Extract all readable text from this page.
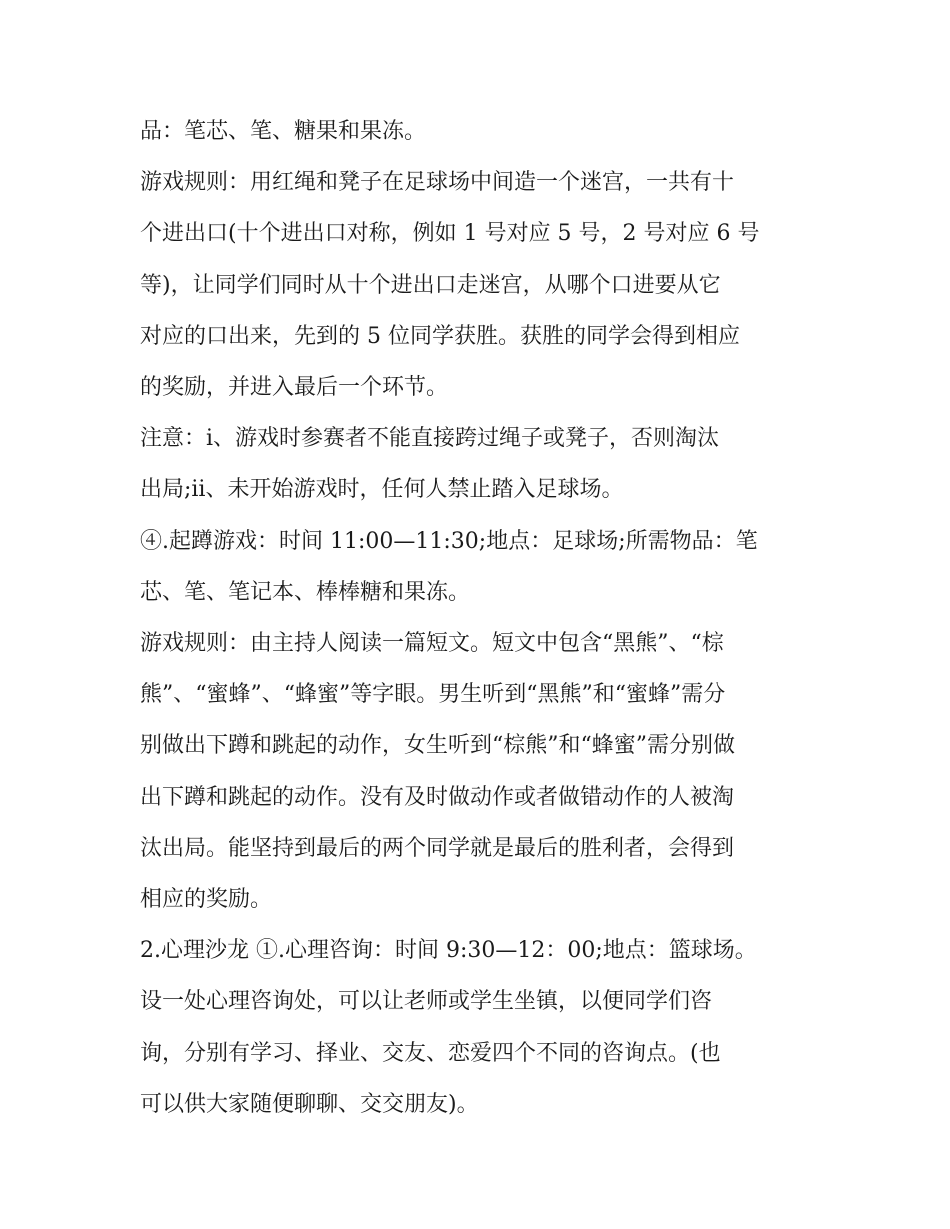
品：笔芯、笔、糖果和果冻。

游戏规则：用红绳和凳子在足球场中间造一个迷宫，一共有十

个进出口(十个进出口对称，例如 1 号对应 5 号，2 号对应 6 号

等)，让同学们同时从十个进出口走迷宫，从哪个口进要从它

对应的口出来，先到的 5 位同学获胜。获胜的同学会得到相应

的奖励，并进入最后一个环节。

注意：ⅰ、游戏时参赛者不能直接跨过绳子或凳子，否则淘汰

出局;ⅱ、未开始游戏时，任何人禁止踏入足球场。

④.起蹲游戏：时间 11:00—11:30;地点：足球场;所需物品：笔

芯、笔、笔记本、棒棒糖和果冻。

游戏规则：由主持人阅读一篇短文。短文中包含“黑熊”、“棕

熊”、“蜜蜂”、“蜂蜜”等字眼。男生听到“黑熊”和“蜜蜂”需分

别做出下蹲和跳起的动作，女生听到“棕熊”和“蜂蜜”需分别做

出下蹲和跳起的动作。没有及时做动作或者做错动作的人被淘

汰出局。能坚持到最后的两个同学就是最后的胜利者，会得到

相应的奖励。

2.心理沙龙 ①.心理咨询：时间 9:30—12：00;地点：篮球场。

设一处心理咨询处，可以让老师或学生坐镇，以便同学们咨

询，分别有学习、择业、交友、恋爱四个不同的咨询点。(也

可以供大家随便聊聊、交交朋友)。
